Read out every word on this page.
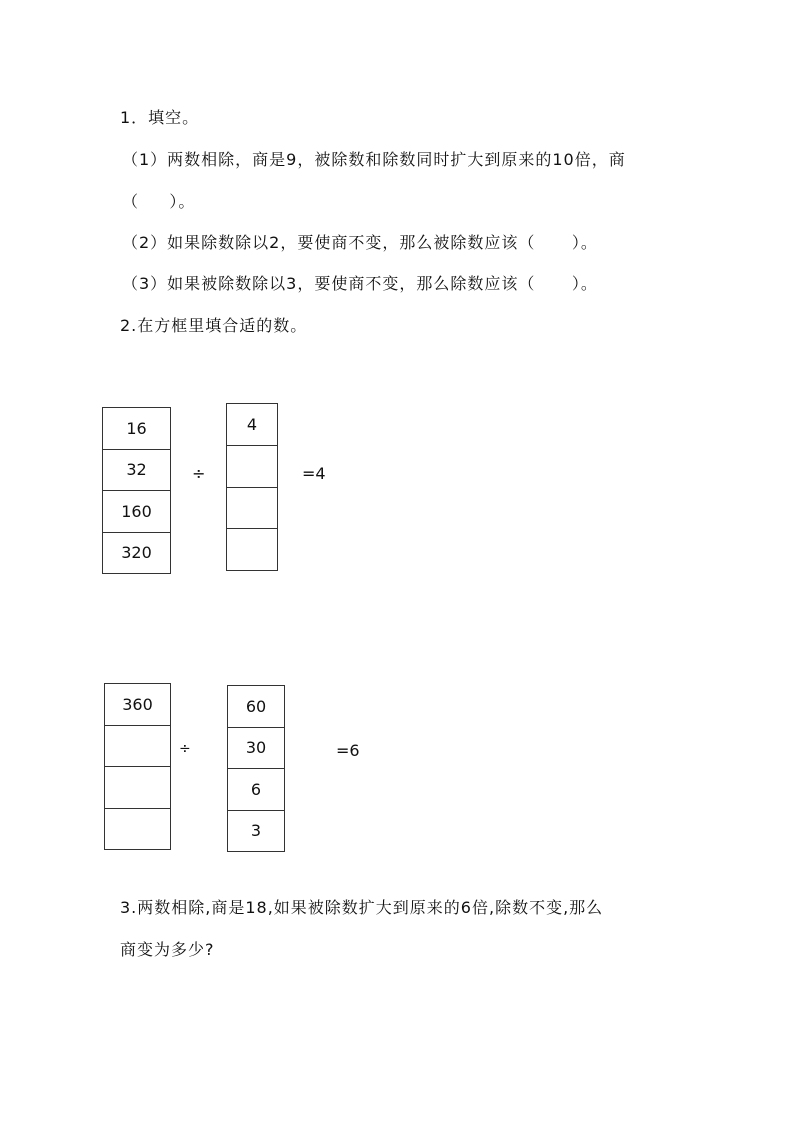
1．填空。
（1）两数相除，商是9，被除数和除数同时扩大到原来的10倍，商
（     ）。
（2）如果除数除以2，要使商不变，那么被除数应该（      ）。
（3）如果被除数除以3，要使商不变，那么除数应该（      ）。
2.在方框里填合适的数。
16
32
160
320
÷
4
=4
360
÷
60
30
6
3
=6
3.两数相除,商是18,如果被除数扩大到原来的6倍,除数不变,那么
商变为多少?
